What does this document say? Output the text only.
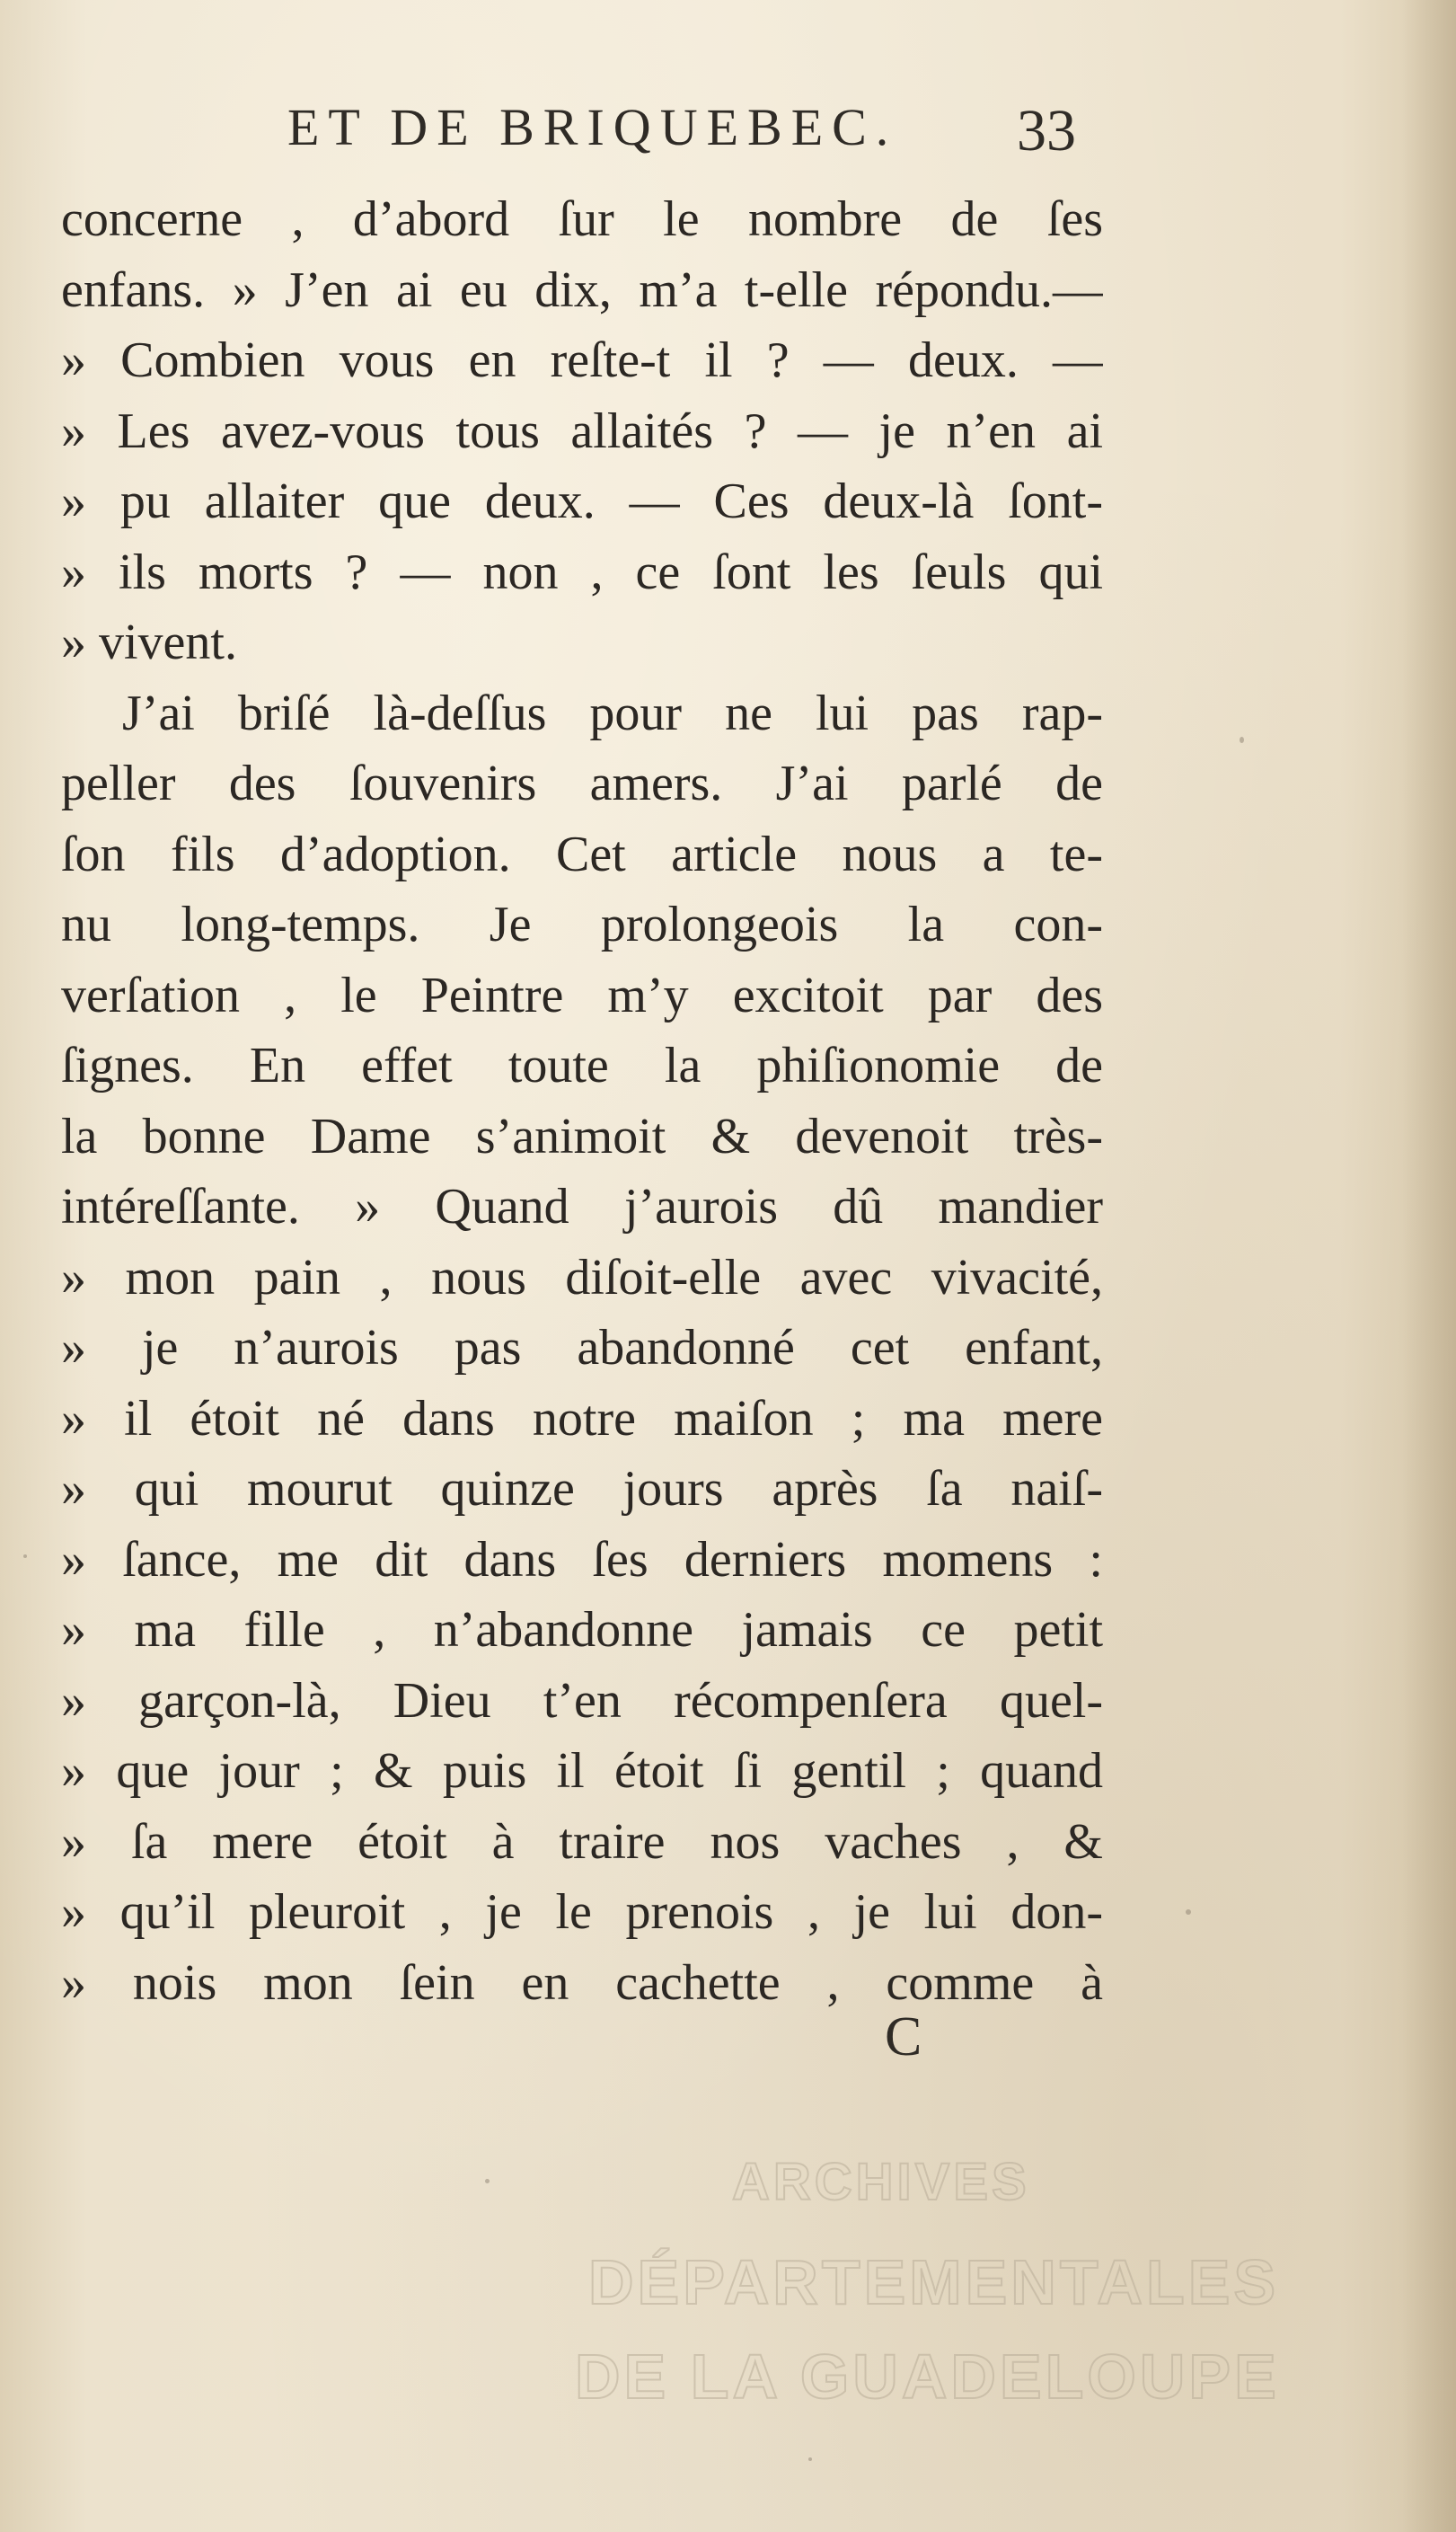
ET DE BRIQUEBEC. 33
concerne , d’abord ſur le nombre de ſes
enfans. » J’en ai eu dix, m’a t-elle répondu.—
» Combien vous en reſte-t il ? — deux. —
» Les avez-vous tous allaités ? — je n’en ai
» pu allaiter que deux. — Ces deux-là ſont-
» ils morts ? — non , ce ſont les ſeuls qui
» vivent.
J’ai briſé là-deſſus pour ne lui pas rap-
peller des ſouvenirs amers. J’ai parlé de
ſon fils d’adoption. Cet article nous a te-
nu long-temps. Je prolongeois la con-
verſation , le Peintre m’y excitoit par des
ſignes. En effet toute la phiſionomie de
la bonne Dame s’animoit & devenoit très-
intéreſſante. » Quand j’aurois dû mandier
» mon pain , nous diſoit-elle avec vivacité,
» je n’aurois pas abandonné cet enfant,
» il étoit né dans notre maiſon ; ma mere
» qui mourut quinze jours après ſa naiſ-
» ſance, me dit dans ſes derniers momens :
» ma fille , n’abandonne jamais ce petit
» garçon-là, Dieu t’en récompenſera quel-
» que jour ; & puis il étoit ſi gentil ; quand
» ſa mere étoit à traire nos vaches , &
» qu’il pleuroit , je le prenois , je lui don-
» nois mon ſein en cachette , comme à
C
ARCHIVES
DÉPARTEMENTALES
DE LA GUADELOUPE
